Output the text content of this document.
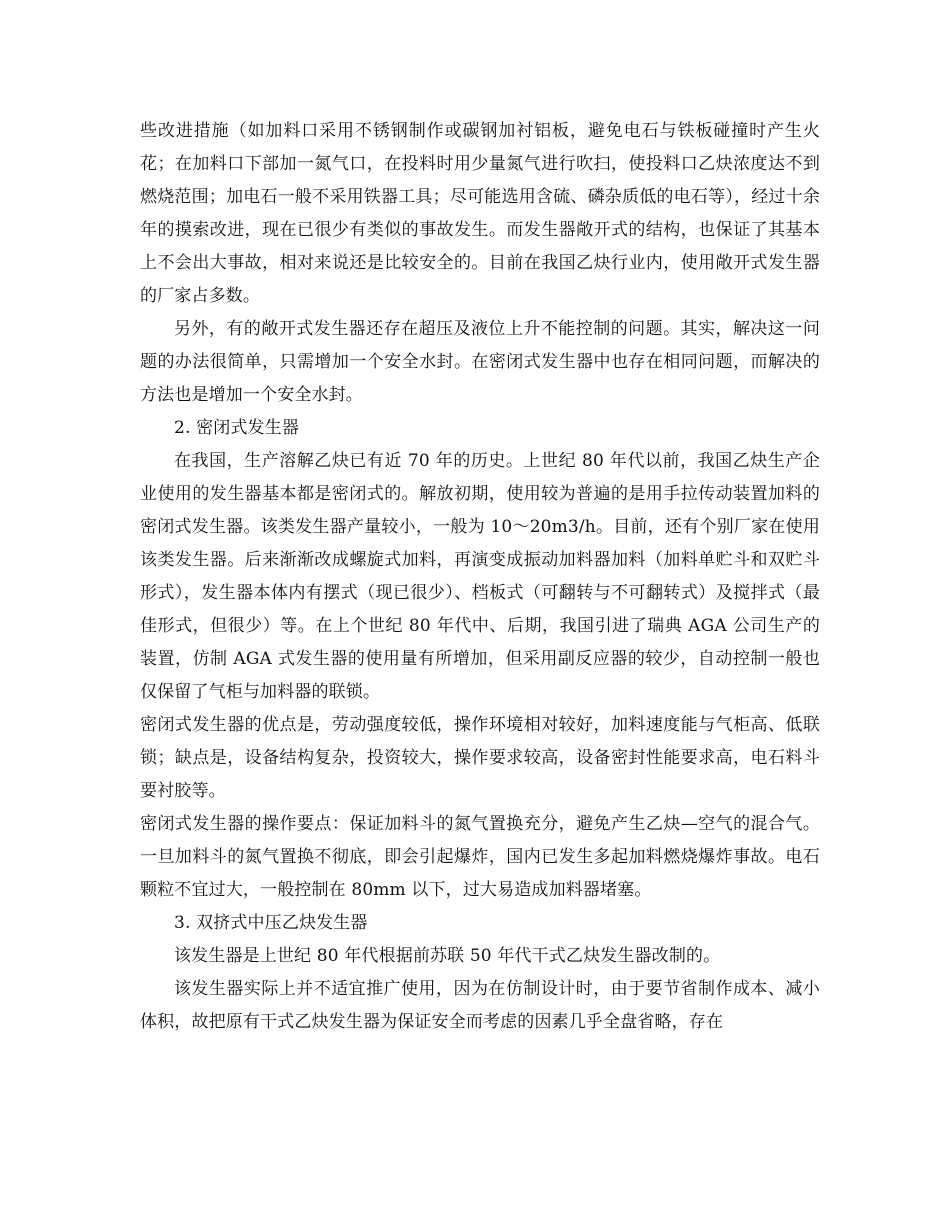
些改进措施（如加料口采用不锈钢制作或碳钢加衬铝板，避免电石与铁板碰撞时产生火花；在加料口下部加一氮气口，在投料时用少量氮气进行吹扫，使投料口乙炔浓度达不到燃烧范围；加电石一般不采用铁器工具；尽可能选用含硫、磷杂质低的电石等），经过十余年的摸索改进，现在已很少有类似的事故发生。而发生器敞开式的结构，也保证了其基本上不会出大事故，相对来说还是比较安全的。目前在我国乙炔行业内，使用敞开式发生器的厂家占多数。

另外，有的敞开式发生器还存在超压及液位上升不能控制的问题。其实，解决这一问题的办法很简单，只需增加一个安全水封。在密闭式发生器中也存在相同问题，而解决的方法也是增加一个安全水封。

2. 密闭式发生器

在我国，生产溶解乙炔已有近 70 年的历史。上世纪 80 年代以前，我国乙炔生产企业使用的发生器基本都是密闭式的。解放初期，使用较为普遍的是用手拉传动装置加料的密闭式发生器。该类发生器产量较小，一般为 10～20m3/h。目前，还有个别厂家在使用该类发生器。后来渐渐改成螺旋式加料，再演变成振动加料器加料（加料单贮斗和双贮斗形式），发生器本体内有摆式（现已很少）、档板式（可翻转与不可翻转式）及搅拌式（最佳形式，但很少）等。在上个世纪 80 年代中、后期，我国引进了瑞典 AGA 公司生产的装置，仿制 AGA 式发生器的使用量有所增加，但采用副反应器的较少，自动控制一般也仅保留了气柜与加料器的联锁。

密闭式发生器的优点是，劳动强度较低，操作环境相对较好，加料速度能与气柜高、低联锁；缺点是，设备结构复杂，投资较大，操作要求较高，设备密封性能要求高，电石料斗要衬胶等。

密闭式发生器的操作要点：保证加料斗的氮气置换充分，避免产生乙炔—空气的混合气。一旦加料斗的氮气置换不彻底，即会引起爆炸，国内已发生多起加料燃烧爆炸事故。电石颗粒不宜过大，一般控制在 80mm 以下，过大易造成加料器堵塞。

3. 双挤式中压乙炔发生器

该发生器是上世纪 80 年代根据前苏联 50 年代干式乙炔发生器改制的。

该发生器实际上并不适宜推广使用，因为在仿制设计时，由于要节省制作成本、减小体积，故把原有干式乙炔发生器为保证安全而考虑的因素几乎全盘省略，存在
